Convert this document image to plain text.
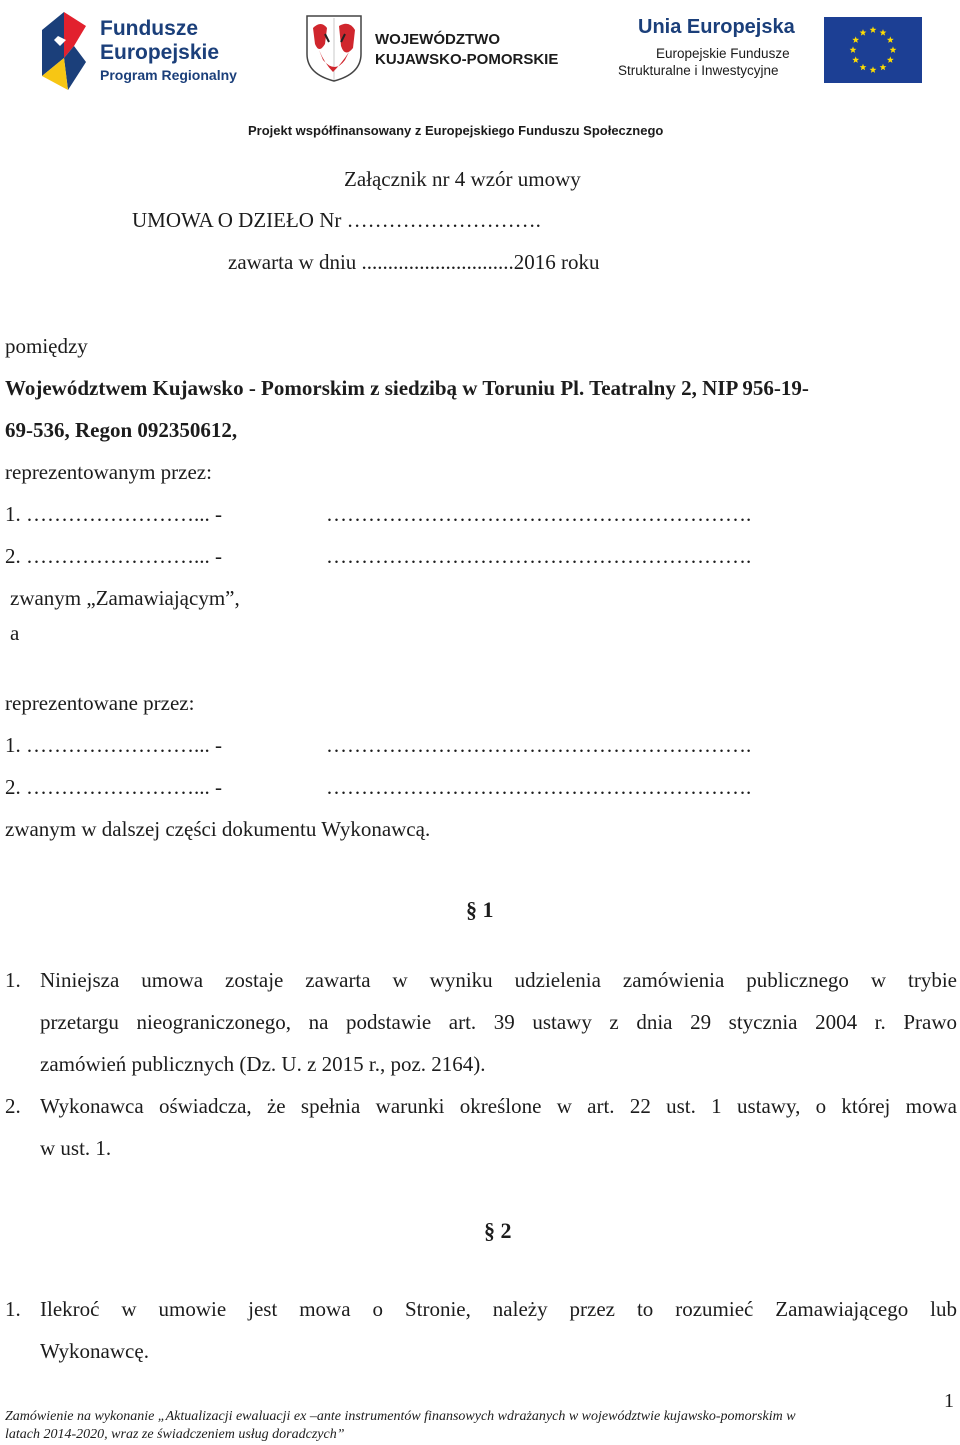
Fundusze
Europejskie
Program Regionalny
WOJEWÓDZTWO
KUJAWSKO-POMORSKIE
Unia Europejska
Europejskie Fundusze
Strukturalne i Inwestycyjne
Projekt współfinansowany z Europejskiego Funduszu Społecznego
Załącznik nr 4 wzór umowy
UMOWA O DZIEŁO Nr ……………………….
zawarta w dniu .............................2016 roku
pomiędzy
Województwem Kujawsko - Pomorskim z siedzibą w Toruniu Pl. Teatralny 2, NIP 956-19-
69-536, Regon 092350612,
reprezentowanym przez:
1. ……………………... -	…………………………………………………….
2. ……………………... -	…………………………………………………….
zwanym „Zamawiającym”,
a
reprezentowane przez:
1. ……………………... -	…………………………………………………….
2. ……………………... -	…………………………………………………….
zwanym w dalszej części dokumentu Wykonawcą.
§ 1
1. Niniejsza umowa zostaje zawarta w wyniku udzielenia zamówienia publicznego w trybie
przetargu nieograniczonego, na podstawie art. 39 ustawy z dnia 29 stycznia 2004 r. Prawo
zamówień publicznych (Dz. U. z 2015 r., poz. 2164).
2. Wykonawca oświadcza, że spełnia warunki określone w art. 22 ust. 1 ustawy, o której mowa
w ust. 1.
§ 2
1. Ilekroć w umowie jest mowa o Stronie, należy przez to rozumieć Zamawiającego lub
Wykonawcę.
1
Zamówienie na wykonanie „Aktualizacji ewaluacji ex –ante instrumentów finansowych wdrażanych w województwie kujawsko-pomorskim w
latach 2014-2020, wraz ze świadczeniem usług doradczych”
